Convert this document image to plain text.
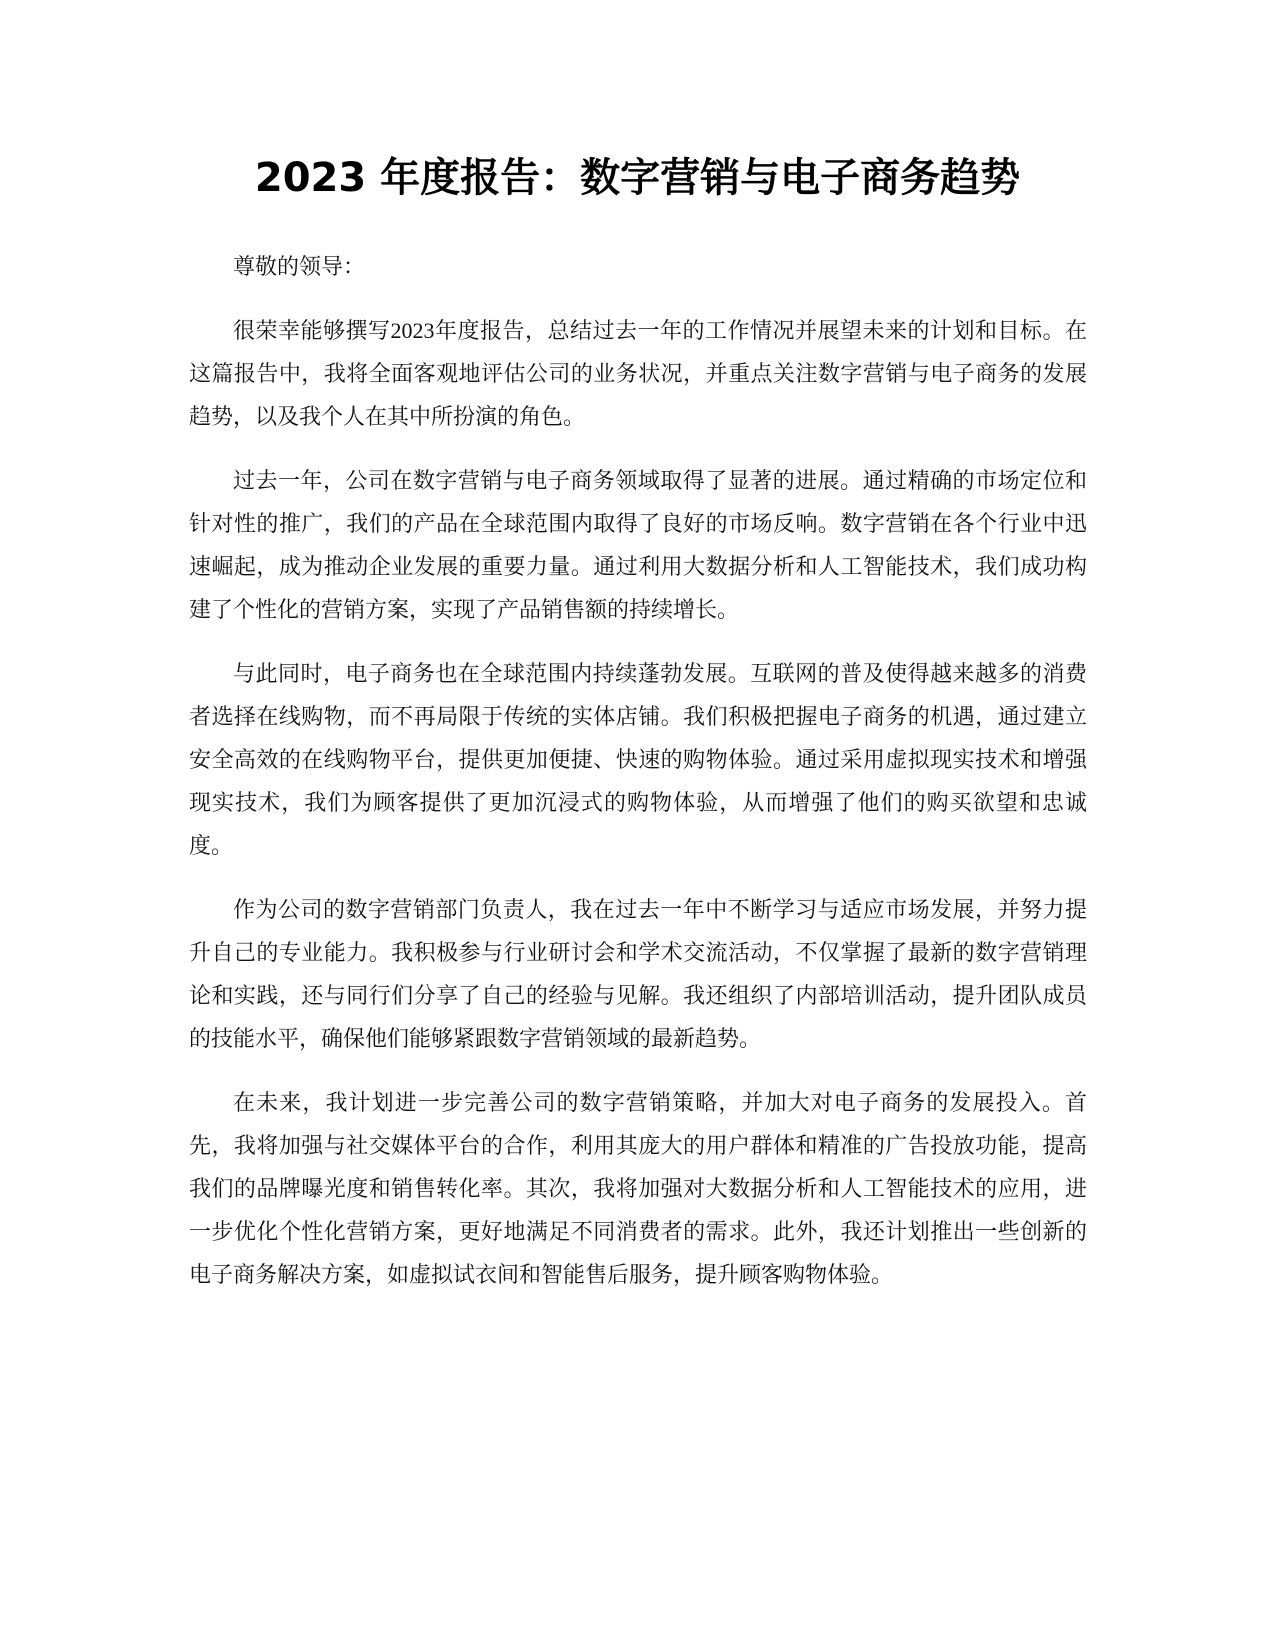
2023 年度报告：数字营销与电子商务趋势

尊敬的领导：

很荣幸能够撰写2023年度报告，总结过去一年的工作情况并展望未来的计划和目标。在这篇报告中，我将全面客观地评估公司的业务状况，并重点关注数字营销与电子商务的发展趋势，以及我个人在其中所扮演的角色。

过去一年，公司在数字营销与电子商务领域取得了显著的进展。通过精确的市场定位和针对性的推广，我们的产品在全球范围内取得了良好的市场反响。数字营销在各个行业中迅速崛起，成为推动企业发展的重要力量。通过利用大数据分析和人工智能技术，我们成功构建了个性化的营销方案，实现了产品销售额的持续增长。

与此同时，电子商务也在全球范围内持续蓬勃发展。互联网的普及使得越来越多的消费者选择在线购物，而不再局限于传统的实体店铺。我们积极把握电子商务的机遇，通过建立安全高效的在线购物平台，提供更加便捷、快速的购物体验。通过采用虚拟现实技术和增强现实技术，我们为顾客提供了更加沉浸式的购物体验，从而增强了他们的购买欲望和忠诚度。

作为公司的数字营销部门负责人，我在过去一年中不断学习与适应市场发展，并努力提升自己的专业能力。我积极参与行业研讨会和学术交流活动，不仅掌握了最新的数字营销理论和实践，还与同行们分享了自己的经验与见解。我还组织了内部培训活动，提升团队成员的技能水平，确保他们能够紧跟数字营销领域的最新趋势。

在未来，我计划进一步完善公司的数字营销策略，并加大对电子商务的发展投入。首先，我将加强与社交媒体平台的合作，利用其庞大的用户群体和精准的广告投放功能，提高我们的品牌曝光度和销售转化率。其次，我将加强对大数据分析和人工智能技术的应用，进一步优化个性化营销方案，更好地满足不同消费者的需求。此外，我还计划推出一些创新的电子商务解决方案，如虚拟试衣间和智能售后服务，提升顾客购物体验。
